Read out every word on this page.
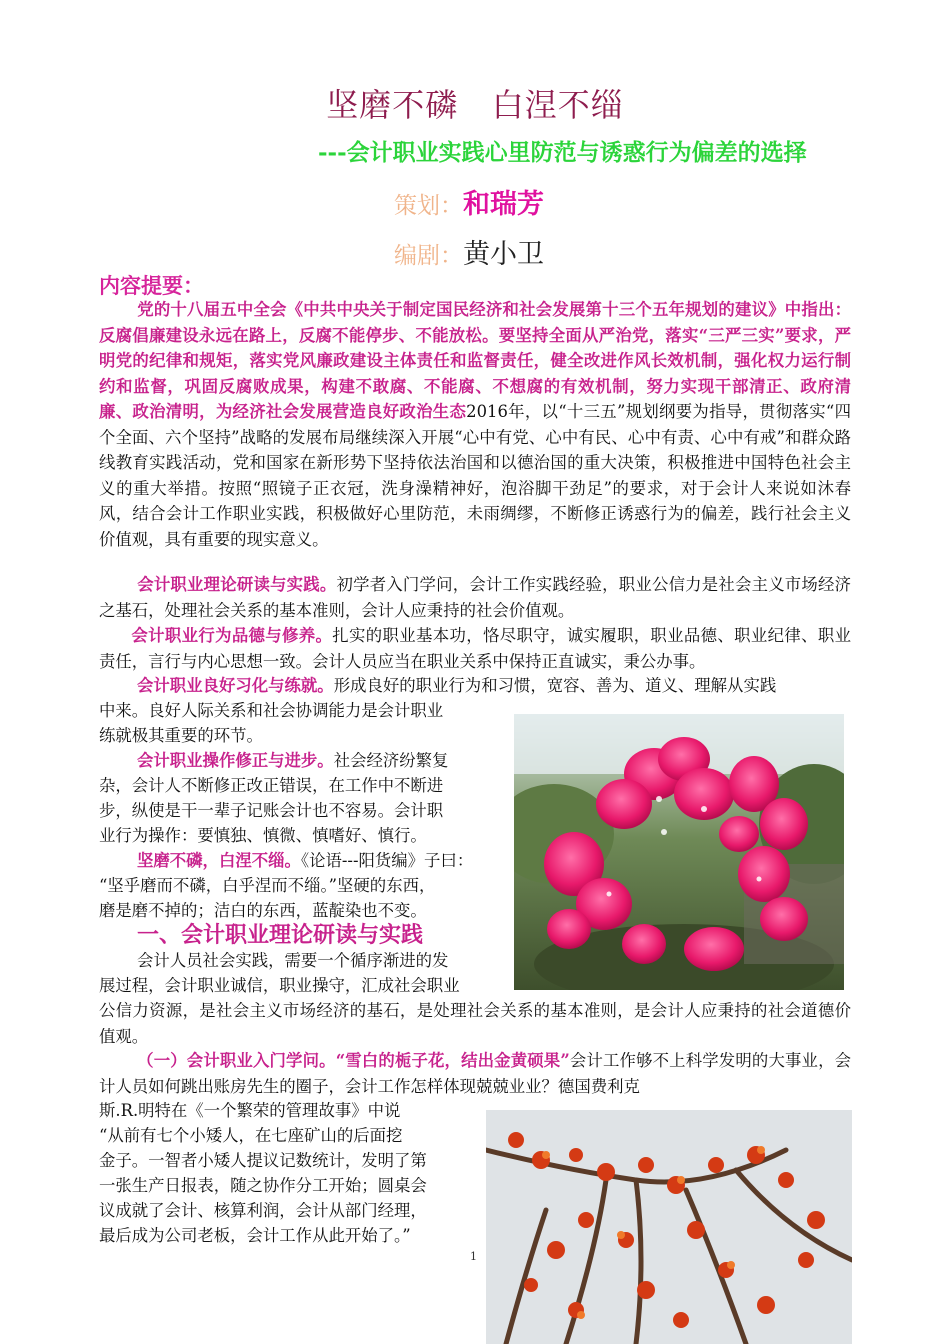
坚磨不磷   白涅不缁
---会计职业实践心里防范与诱惑行为偏差的选择
策划：和瑞芳
编剧：黄小卫
内容提要：
党的十八届五中全会《中共中央关于制定国民经济和社会发展第十三个五年规划的建议》中指出：反腐倡廉建设永远在路上，反腐不能停步、不能放松。要坚持全面从严治党，落实“三严三实”要求，严明党的纪律和规矩，落实党风廉政建设主体责任和监督责任，健全改进作风长效机制，强化权力运行制约和监督，巩固反腐败成果，构建不敢腐、不能腐、不想腐的有效机制，努力实现干部清正、政府清廉、政治清明，为经济社会发展营造良好政治生态2016年，以“十三五”规划纲要为指导，贯彻落实“四个全面、六个坚持”战略的发展布局继续深入开展“心中有党、心中有民、心中有责、心中有戒”和群众路线教育实践活动，党和国家在新形势下坚持依法治国和以德治国的重大决策，积极推进中国特色社会主义的重大举措。按照“照镜子正衣冠，洗身澡精神好，泡浴脚干劲足”的要求，对于会计人来说如沐春风，结合会计工作职业实践，积极做好心里防范，未雨绸缪，不断修正诱惑行为的偏差，践行社会主义价值观，具有重要的现实意义。
会计职业理论研读与实践。初学者入门学问，会计工作实践经验，职业公信力是社会主义市场经济之基石，处理社会关系的基本准则，会计人应秉持的社会价值观。
会计职业行为品德与修养。扎实的职业基本功，恪尽职守，诚实履职，职业品德、职业纪律、职业责任，言行与内心思想一致。会计人员应当在职业关系中保持正直诚实，秉公办事。
会计职业良好习化与练就。形成良好的职业行为和习惯，宽容、善为、道义、理解从实践
中来。良好人际关系和社会协调能力是会计职业
练就极其重要的环节。
会计职业操作修正与进步。社会经济纷繁复
杂，会计人不断修正改正错误，在工作中不断进
步，纵使是干一辈子记账会计也不容易。会计职
业行为操作：要慎独、慎微、慎嗜好、慎行。
坚磨不磷，白涅不缁。《论语---阳货编》子曰：
“坚乎磨而不磷，白乎涅而不缁。”坚硬的东西，
磨是磨不掉的；洁白的东西，蓝靛染也不变。
一、会计职业理论研读与实践
会计人员社会实践，需要一个循序渐进的发
展过程，会计职业诚信，职业操守，汇成社会职业
公信力资源，是社会主义市场经济的基石，是处理社会关系的基本准则，是会计人应秉持的社会道德价值观。
（一）会计职业入门学问。“雪白的栀子花，结出金黄硕果”会计工作够不上科学发明的大事业，会计人员如何跳出账房先生的圈子，会计工作怎样体现兢兢业业？德国费利克
斯.R.明特在《一个繁荣的管理故事》中说
“从前有七个小矮人，在七座矿山的后面挖
金子。一智者小矮人提议记数统计，发明了第
一张生产日报表，随之协作分工开始；圆桌会
议成就了会计、核算利润，会计从部门经理，
最后成为公司老板，会计工作从此开始了。”
1
